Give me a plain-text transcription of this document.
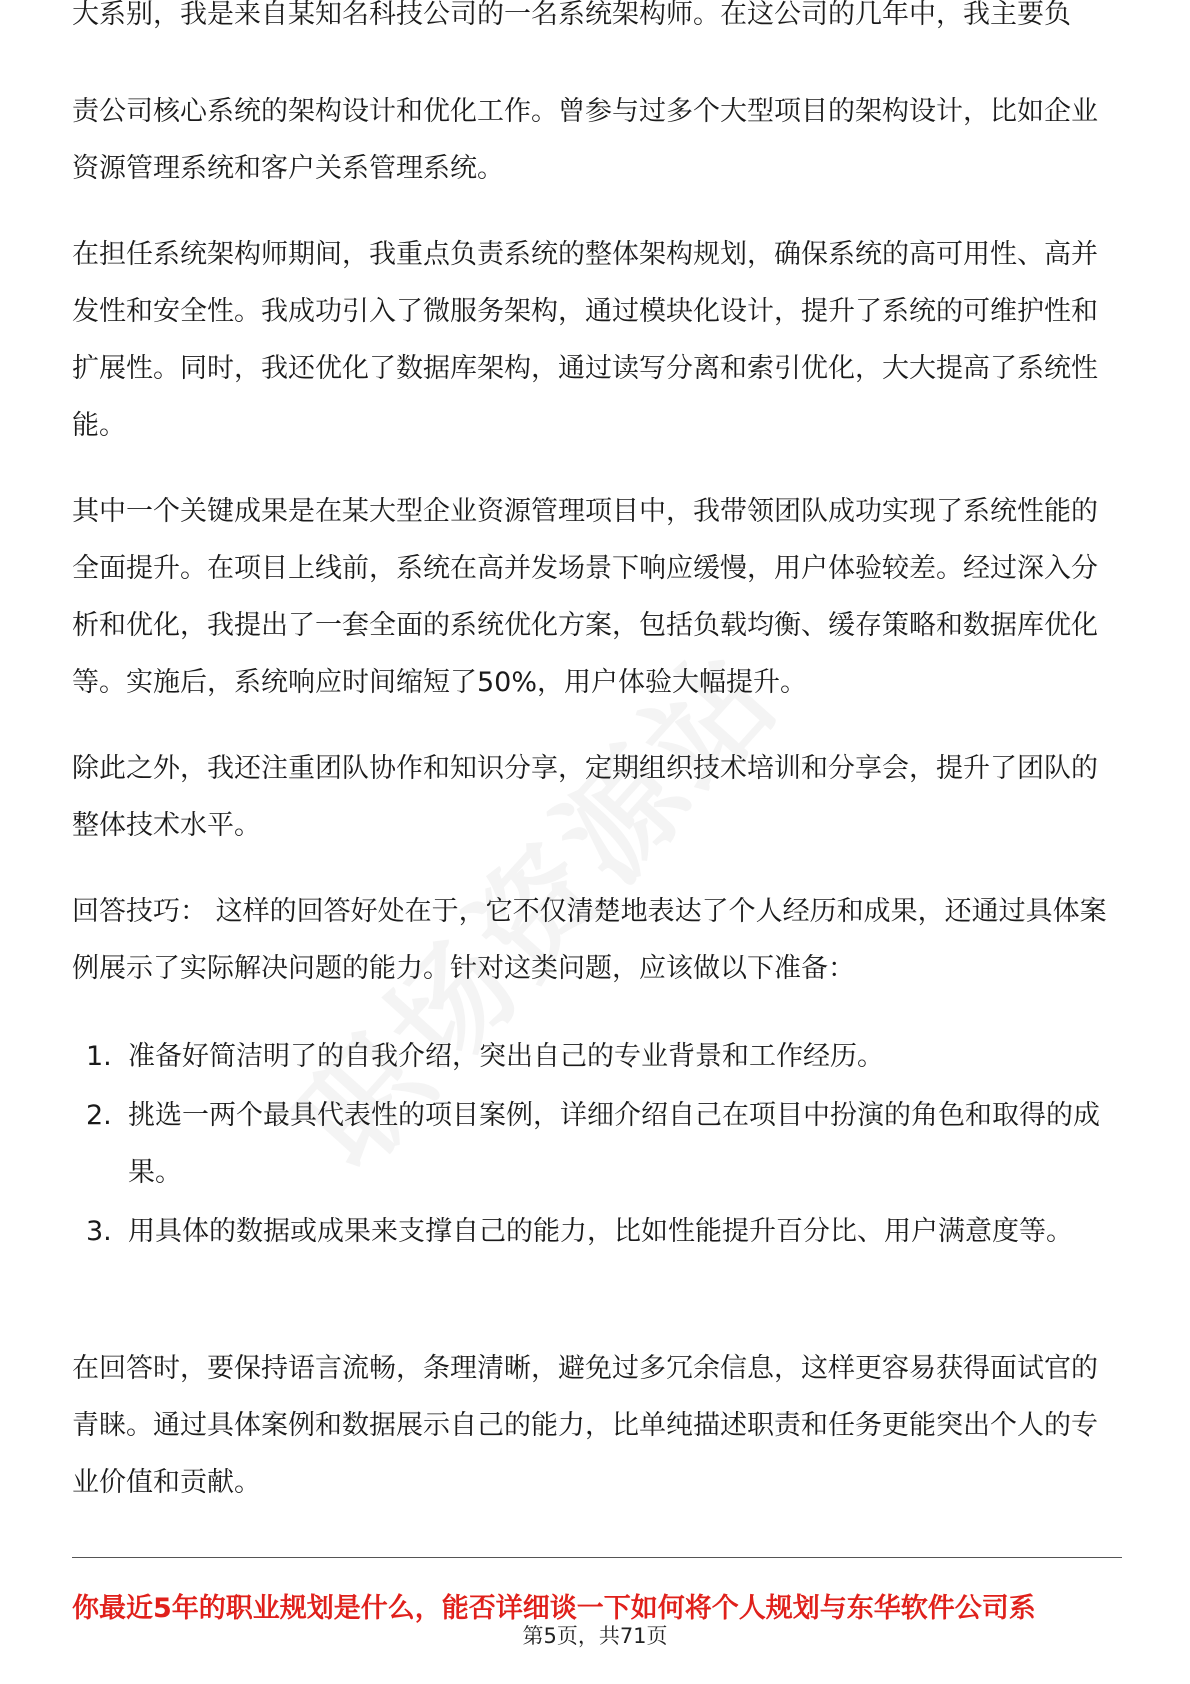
大系别，我是来自某知名科技公司的一名系统架构师。在这公司的几年中，我主要负

责公司核心系统的架构设计和优化工作。曾参与过多个大型项目的架构设计，比如企业资源管理系统和客户关系管理系统。

在担任系统架构师期间，我重点负责系统的整体架构规划，确保系统的高可用性、高并发性和安全性。我成功引入了微服务架构，通过模块化设计，提升了系统的可维护性和扩展性。同时，我还优化了数据库架构，通过读写分离和索引优化，大大提高了系统性能。

其中一个关键成果是在某大型企业资源管理项目中，我带领团队成功实现了系统性能的全面提升。在项目上线前，系统在高并发场景下响应缓慢，用户体验较差。经过深入分析和优化，我提出了一套全面的系统优化方案，包括负载均衡、缓存策略和数据库优化等。实施后，系统响应时间缩短了50%，用户体验大幅提升。

除此之外，我还注重团队协作和知识分享，定期组织技术培训和分享会，提升了团队的整体技术水平。

回答技巧： 这样的回答好处在于，它不仅清楚地表达了个人经历和成果，还通过具体案例展示了实际解决问题的能力。针对这类问题，应该做以下准备：

1. 准备好简洁明了的自我介绍，突出自己的专业背景和工作经历。
2. 挑选一两个最具代表性的项目案例，详细介绍自己在项目中扮演的角色和取得的成果。
3. 用具体的数据或成果来支撑自己的能力，比如性能提升百分比、用户满意度等。

在回答时，要保持语言流畅，条理清晰，避免过多冗余信息，这样更容易获得面试官的青睐。通过具体案例和数据展示自己的能力，比单纯描述职责和任务更能突出个人的专业价值和贡献。

你最近5年的职业规划是什么，能否详细谈一下如何将个人规划与东华软件公司系
第5页，共71页
